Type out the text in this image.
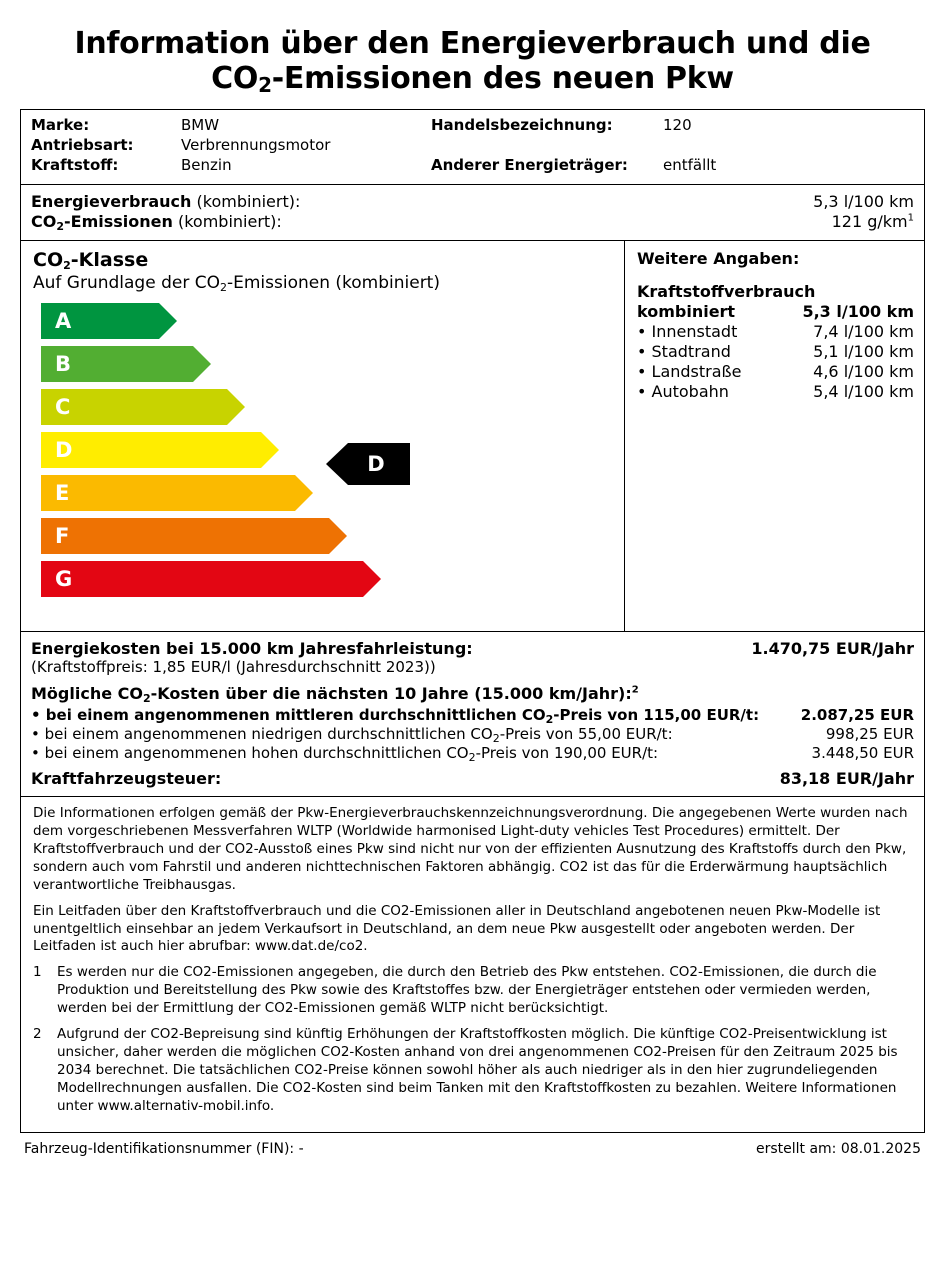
Information über den Energieverbrauch und die
$CO_2$-Emissionen des neuen Pkw
Marke:	BMW	Handelsbezeichnung:	120
Antriebsart:	Verbrennungsmotor
Kraftstoff:	Benzin	Anderer Energieträger:	entfällt
Energieverbrauch (kombiniert):	5,3 l/100 km
CO2-Emissionen (kombiniert):	121 $g/km^1$
CO2-Klasse
Auf Grundlage der CO2-Emissionen (kombiniert)
A
B
C
D
E
F
G
D
Weitere Angaben:
Kraftstoffverbrauch
kombiniert	5,3 l/100 km
• Innenstadt	7,4 l/100 km
• Stadtrand	5,1 l/100 km
• Landstraße	4,6 l/100 km
• Autobahn	5,4 l/100 km
Energiekosten bei 15.000 km Jahresfahrleistung:	1.470,75 EUR/Jahr
(Kraftstoffpreis: 1,85 EUR/l (Jahresdurchschnitt 2023))
Mögliche CO2-Kosten über die nächsten 10 Jahre (15.000 km/Jahr):$^2$
• bei einem angenommenen mittleren durchschnittlichen $CO_2$-Preis von 115,00 EUR/t:	2.087,25 EUR
• bei einem angenommenen niedrigen durchschnittlichen $CO_2$-Preis von 55,00 EUR/t:	998,25 EUR
• bei einem angenommenen hohen durchschnittlichen $CO_2$-Preis von 190,00 EUR/t:	3.448,50 EUR
Kraftfahrzeugsteuer:	83,18 EUR/Jahr

Die Informationen erfolgen gemäß der Pkw-Energieverbrauchskennzeichnungsverordnung. Die angegebenen Werte wurden nach dem vorgeschriebenen Messverfahren WLTP (Worldwide harmonised Light-duty vehicles Test Procedures) ermittelt. Der Kraftstoffverbrauch und der CO2-Ausstoß eines Pkw sind nicht nur von der effizienten Ausnutzung des Kraftstoffs durch den Pkw, sondern auch vom Fahrstil und anderen nichttechnischen Faktoren abhängig. CO2 ist das für die Erderwärmung hauptsächlich verantwortliche Treibhausgas.

Ein Leitfaden über den Kraftstoffverbrauch und die CO2-Emissionen aller in Deutschland angebotenen neuen Pkw-Modelle ist unentgeltlich einsehbar an jedem Verkaufsort in Deutschland, an dem neue Pkw ausgestellt oder angeboten werden. Der Leitfaden ist auch hier abrufbar: www.dat.de/co2.

1	Es werden nur die CO2-Emissionen angegeben, die durch den Betrieb des Pkw entstehen. CO2-Emissionen, die durch die Produktion und Bereitstellung des Pkw sowie des Kraftstoffes bzw. der Energieträger entstehen oder vermieden werden, werden bei der Ermittlung der CO2-Emissionen gemäß WLTP nicht berücksichtigt.
2	Aufgrund der CO2-Bepreisung sind künftig Erhöhungen der Kraftstoffkosten möglich. Die künftige CO2-Preisentwicklung ist unsicher, daher werden die möglichen CO2-Kosten anhand von drei angenommenen CO2-Preisen für den Zeitraum 2025 bis 2034 berechnet. Die tatsächlichen CO2-Preise können sowohl höher als auch niedriger als in den hier zugrundeliegenden Modellrechnungen ausfallen. Die CO2-Kosten sind beim Tanken mit den Kraftstoffkosten zu bezahlen. Weitere Informationen unter www.alternativ-mobil.info.
Fahrzeug-Identifikationsnummer (FIN): -	erstellt am: 08.01.2025
